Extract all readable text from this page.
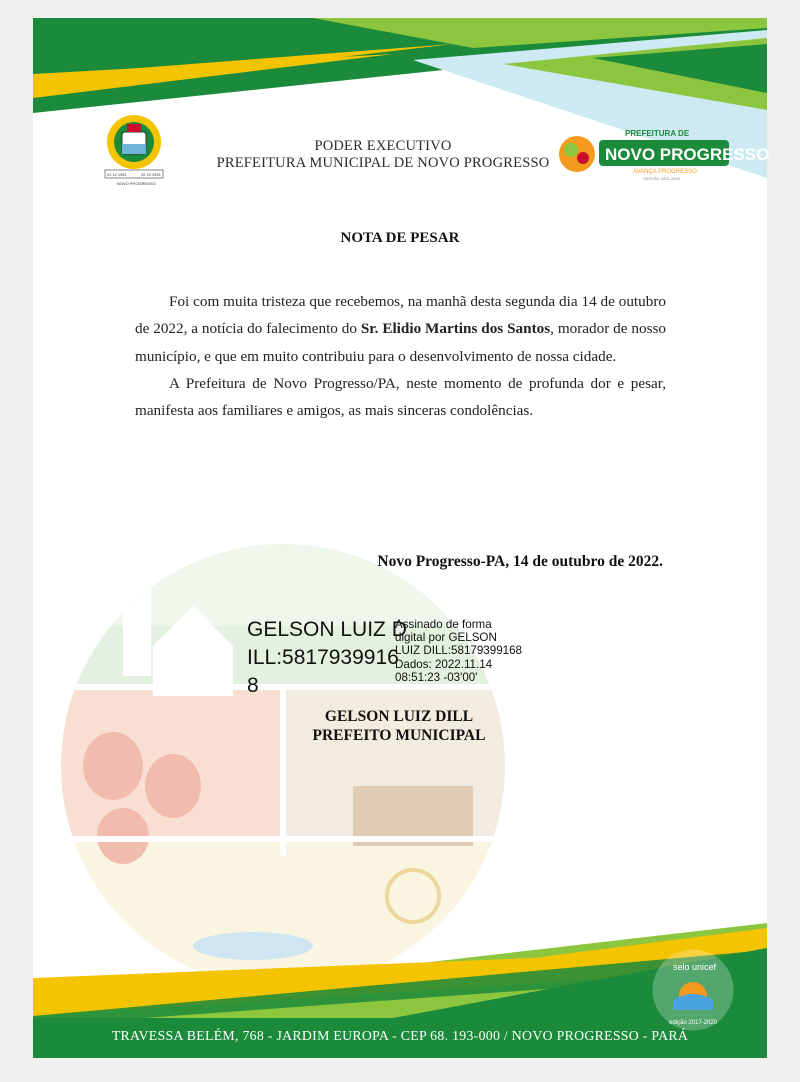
01·12·1991	20·10·1993
NOVO PROGRESSO
PODER EXECUTIVO
PREFEITURA MUNICIPAL DE NOVO PROGRESSO
PREFEITURA DE
NOVO PROGRESSO
AVANÇA PROGRESSO
GESTÃO 2021-2024
NOTA DE PESAR

Foi com muita tristeza que recebemos, na manhã desta segunda dia 14 de outubro de 2022, a notícia do falecimento do Sr. Elidio Martins dos Santos, morador de nosso município, e que em muito contribuiu para o desenvolvimento de nossa cidade.

A Prefeitura de Novo Progresso/PA, neste momento de profunda dor e pesar, manifesta aos familiares e amigos, as mais sinceras condolências.

Novo Progresso-PA, 14 de outubro de 2022.
GELSON LUIZ DILL:58179399168
Assinado de forma
digital por GELSON
LUIZ DILL:58179399168
Dados: 2022.11.14
08:51:23 -03'00'
GELSON LUIZ DILL
PREFEITO MUNICIPAL
selo unicef
edição 2017-2020
TRAVESSA BELÉM, 768 - JARDIM EUROPA - CEP 68. 193-000 / NOVO PROGRESSO - PARÁ
